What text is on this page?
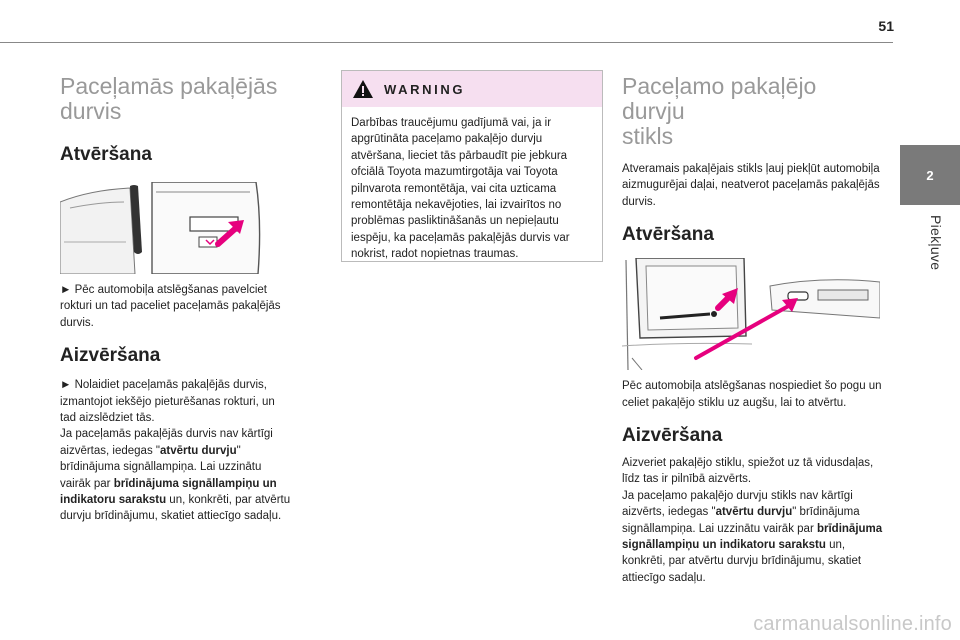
51
2
Piekļuve
Paceļamās pakaļējās
durvis
Atvēršana

► Pēc automobiļa atslēgšanas pavelciet rokturi un tad paceliet paceļamās pakaļējās durvis.

Aizvēršana

► Nolaidiet paceļamās pakaļējās durvis, izmantojot iekšējo pieturēšanas rokturi, un tad aizslēdziet tās.

Ja paceļamās pakaļējās durvis nav kārtīgi aizvērtas, iedegas "atvērtu durvju" brīdinājuma signāllampiņa. Lai uzzinātu vairāk par brīdinājuma signāllampiņu un indikatoru sarakstu un, konkrēti, par atvērtu durvju brīdinājumu, skatiet attiecīgo sadaļu.

WARNING

Darbības traucējumu gadījumā vai, ja ir apgrūtināta paceļamo pakaļējo durvju atvēršana, lieciet tās pārbaudīt pie jebkura ofciālā Toyota mazumtirgotāja vai Toyota pilnvarota remontētāja, vai cita uzticama remontētāja nekavējoties, lai izvairītos no problēmas pasliktināšanās un nepieļautu iespēju, ka paceļamās pakaļējās durvis var nokrist, radot nopietnas traumas.

Paceļamo pakaļējo durvju
stikls

Atveramais pakaļējais stikls ļauj piekļūt automobiļa aizmugurējai daļai, neatverot paceļamās pakaļējās durvis.

Atvēršana

Pēc automobiļa atslēgšanas nospiediet šo pogu un celiet pakaļējo stiklu uz augšu, lai to atvērtu.

Aizvēršana

Aizveriet pakaļējo stiklu, spiežot uz tā vidusdaļas, līdz tas ir pilnībā aizvērts.

Ja paceļamo pakaļējo durvju stikls nav kārtīgi aizvērts, iedegas "atvērtu durvju" brīdinājuma signāllampiņa. Lai uzzinātu vairāk par brīdinājuma signāllampiņu un indikatoru sarakstu un, konkrēti, par atvērtu durvju brīdinājumu, skatiet attiecīgo sadaļu.

carmanualsonline.info
